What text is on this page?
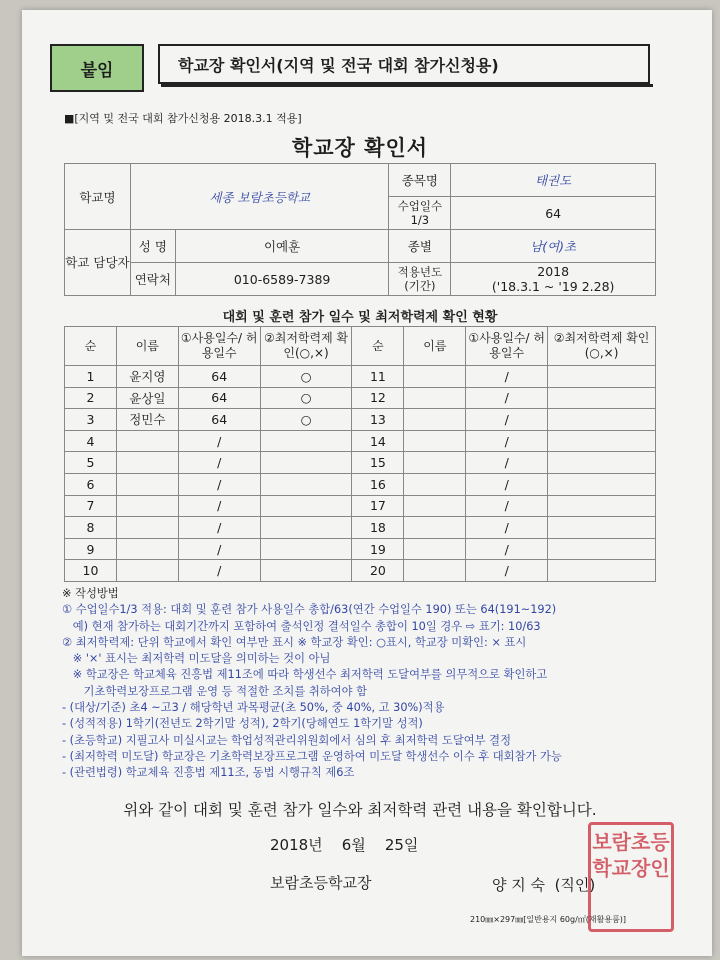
붙임	학교장 확인서(지역 및 전국 대회 참가신청용)
■[지역 및 전국 대회 참가신청용 2018.3.1 적용]
학교장 확인서
학교명	세종 보람초등학교		종목명	태권도
			수업일수 1/3	64
학교 담당자	성 명	이예훈	종별	남(여)초
	연락처	010-6589-7389	적용년도 (기간)	2018
('18.3.1 ~ '19 2.28)
대회 및 훈련 참가 일수 및 최저학력제 확인 현황
순	이름	①사용일수/ 허용일수	②최저학력제 확인(○,×)	순	이름	①사용일수/ 허용일수	②최저학력제 확인(○,×)
1	윤지영	64	○	11		/	
2	윤상일	64	○	12		/	
3	정민수	64	○	13		/	
4		/		14		/	
5		/		15		/	
6		/		16		/	
7		/		17		/	
8		/		18		/	
9		/		19		/	
10		/		20		/	
※ 작성방법
① 수업일수1/3 적용: 대회 및 훈련 참가 사용일수 총합/63(연간 수업일수 190) 또는 64(191~192)
예) 현재 참가하는 대회기간까지 포함하여 출석인정 결석일수 총합이 10일 경우 ⇨ 표기: 10/63
② 최저학력제: 단위 학교에서 확인 여부만 표시 ※ 학교장 확인: ○표시, 학교장 미확인: × 표시
※ '×' 표시는 최저학력 미도달을 의미하는 것이 아님
※ 학교장은 학교체육 진흥법 제11조에 따라 학생선수 최저학력 도달여부를 의무적으로 확인하고
기초학력보장프로그램 운영 등 적절한 조치를 취하여야 함
- (대상/기준) 초4 ~고3 / 해당학년 과목평균(초 50%, 중 40%, 고 30%)적용
- (성적적용) 1학기(전년도 2학기말 성적), 2학기(당해연도 1학기말 성적)
- (초등학교) 지필고사 미실시교는 학업성적관리위원회에서 심의 후 최저학력 도달여부 결정
- (최저학력 미도달) 학교장은 기초학력보장프로그램 운영하여 미도달 학생선수 이수 후 대회참가 가능
- (관련법령) 학교체육 진흥법 제11조, 동법 시행규칙 제6조
위와 같이 대회 및 훈련 참가 일수와 최저학력 관련 내용을 확인합니다.
2018년    6월    25일
보람초등학교장	양 지 숙 (직인)
보람초등
학교장인
210㎜×297㎜[일반용지 60g/㎡(재활용품)]
